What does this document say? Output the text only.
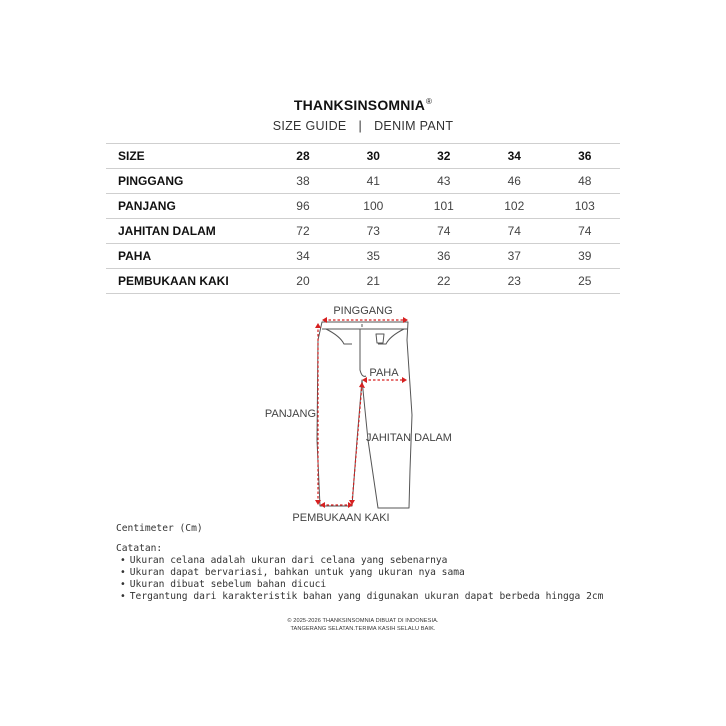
THANKSINSOMNIA®
SIZE GUIDE | DENIM PANT
SIZE	28	30	32	34	36
PINGGANG	38	41	43	46	48
PANJANG	96	100	101	102	103
JAHITAN DALAM	72	73	74	74	74
PAHA	34	35	36	37	39
PEMBUKAAN KAKI	20	21	22	23	25
PINGGANG
PAHA
PANJANG
JAHITAN DALAM
PEMBUKAAN KAKI
Centimeter (Cm)
Catatan:
• Ukuran celana adalah ukuran dari celana yang sebenarnya
• Ukuran dapat bervariasi, bahkan untuk yang ukuran nya sama
• Ukuran dibuat sebelum bahan dicuci
• Tergantung dari karakteristik bahan yang digunakan ukuran dapat berbeda hingga 2cm
© 2025-2026 THANKSINSOMNIA DIBUAT DI INDONESIA.
TANGERANG SELATAN.TERIMA KASIH SELALU BAIK.
